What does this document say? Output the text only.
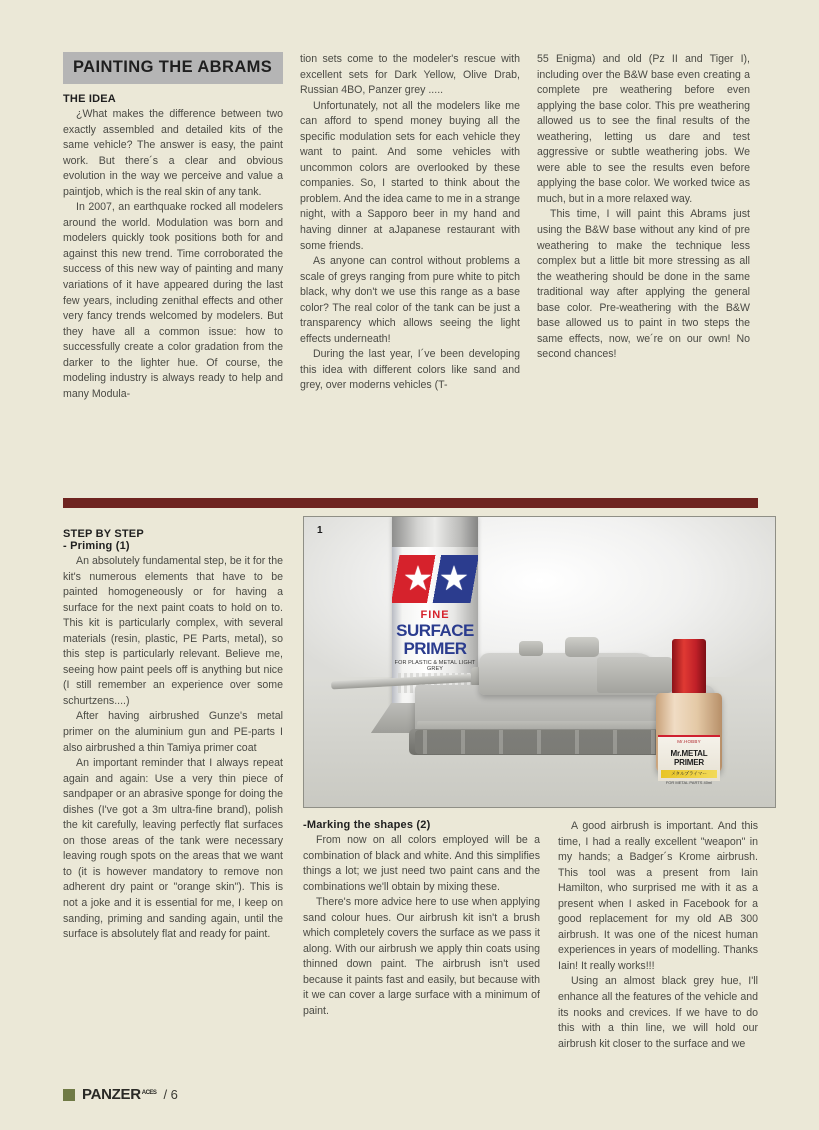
PAINTING THE ABRAMS
THE IDEA

¿What makes the difference between two exactly assembled and detailed kits of the same vehicle? The answer is easy, the paint work. But there´s a clear and obvious evolution in the way we perceive and value a paintjob, which is the real skin of any tank.

In 2007, an earthquake rocked all modelers around the world. Modulation was born and modelers quickly took positions both for and against this new trend. Time corroborated the success of this new way of painting and many variations of it have appeared during the last few years, including zenithal effects and other very fancy trends welcomed by modelers. But they have all a common issue: how to successfully create a color gradation from the darker to the lighter hue. Of course, the modeling industry is always ready to help and many Modula-

tion sets come to the modeler's rescue with excellent sets for Dark Yellow, Olive Drab, Russian 4BO, Panzer grey .....

Unfortunately, not all the modelers like me can afford to spend money buying all the specific modulation sets for each vehicle they want to paint. And some vehicles with uncommon colors are overlooked by these companies. So, I started to think about the problem. And the idea came to me in a strange night, with a Sapporo beer in my hand and having dinner at aJapanese restaurant with some friends.

As anyone can control without problems a scale of greys ranging from pure white to pitch black, why don't we use this range as a base color? The real color of the tank can be just a transparency which allows seeing the light effects underneath!

During the last year, I´ve been developing this idea with different colors like sand and grey, over moderns vehicles (T-

55 Enigma) and old (Pz II and Tiger I), including over the B&W base even creating a complete pre weathering before even applying the base color. This pre weathering allowed us to see the final results of the weathering, letting us dare and test aggressive or subtle weathering jobs. We were able to see the results even before applying the base color. We worked twice as much, but in a more relaxed way.

This time, I will paint this Abrams just using the B&W base without any kind of pre weathering to make the technique less complex but a little bit more stressing as all the weathering should be done in the same traditional way after applying the general base color. Pre-weathering with the B&W base allowed us to paint in two steps the same effects, now, we´re on our own! No second chances!

STEP BY STEP
- Priming (1)

An absolutely fundamental step, be it for the kit's numerous elements that have to be painted homogeneously or for having a surface for the next paint coats to hold on to. This kit is particularly complex, with several materials (resin, plastic, PE Parts, metal), so this step is particularly relevant. Believe me, seeing how paint peels off is anything but nice (I still remember an experience over some schurtzens....)

After having airbrushed Gunze's metal primer on the aluminium gun and PE-parts I also airbrushed a thin Tamiya primer coat

An important reminder that I always repeat again and again: Use a very thin piece of sandpaper or an abrasive sponge for doing the dishes (I've got a 3m ultra-fine brand), polish the kit carefully, leaving perfectly flat surfaces on those areas of the tank were necessary leaving rough spots on the areas that we want to (it is however mandatory to remove non adherent dry paint or "orange skin"). This is not a joke and it is essential for me, I keep on sanding, priming and sanding again, until the surface is absolutely flat and ready for paint.

1
FINE
SURFACE
PRIMER
FOR PLASTIC & METAL LIGHT GREY
Mr.HOBBY
Mr.METAL PRIMER
メタルプライマー
FOR METAL PARTS 40ml
-Marking the shapes (2)

From now on all colors employed will be a combination of black and white. And this simplifies things a lot; we just need two paint cans and the combinations we'll obtain by mixing these.

There's more advice here to use when applying sand colour hues. Our airbrush kit isn't a brush which completely covers the surface as we pass it along. With our airbrush we apply thin coats using thinned down paint. The airbrush isn't used because it paints fast and easily, but because with it we can cover a large surface with a minimum of paint.

A good airbrush is important. And this time, I had a really excellent "weapon" in my hands; a Badger´s Krome airbrush. This tool was a present from Iain Hamilton, who surprised me with it as a present when I asked in Facebook for a good replacement for my old AB 300 airbrush. It was one of the nicest human experiences in years of modelling. Thanks Iain! It really works!!!

Using an almost black grey hue, I'll enhance all the features of the vehicle and its nooks and crevices. If we have to do this with a thin line, we will hold our airbrush kit closer to the surface and we

PANZER ACES / 6
